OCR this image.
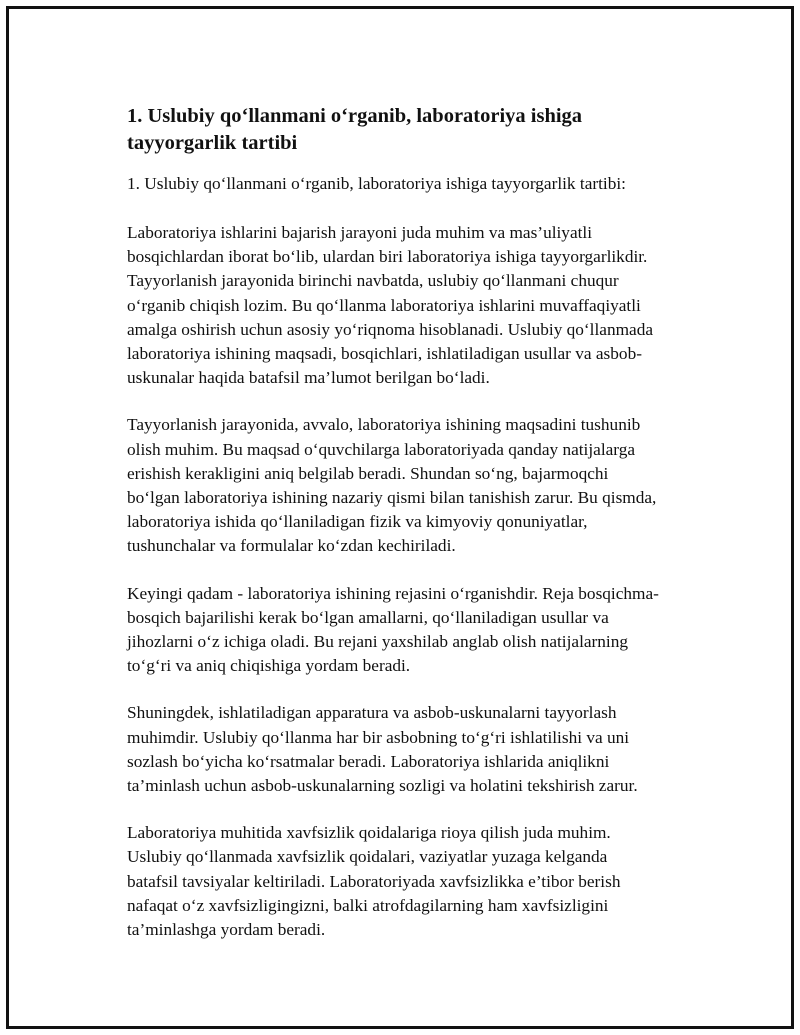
1. Uslubiy qo‘llanmani o‘rganib, laboratoriya ishiga
tayyorgarlik tartibi

1. Uslubiy qo‘llanmani o‘rganib, laboratoriya ishiga tayyorgarlik tartibi:

Laboratoriya ishlarini bajarish jarayoni juda muhim va mas’uliyatli
bosqichlardan iborat bo‘lib, ulardan biri laboratoriya ishiga tayyorgarlikdir.
Tayyorlanish jarayonida birinchi navbatda, uslubiy qo‘llanmani chuqur
o‘rganib chiqish lozim. Bu qo‘llanma laboratoriya ishlarini muvaffaqiyatli
amalga oshirish uchun asosiy yo‘riqnoma hisoblanadi. Uslubiy qo‘llanmada
laboratoriya ishining maqsadi, bosqichlari, ishlatiladigan usullar va asbob-
uskunalar haqida batafsil ma’lumot berilgan bo‘ladi.

Tayyorlanish jarayonida, avvalo, laboratoriya ishining maqsadini tushunib
olish muhim. Bu maqsad o‘quvchilarga laboratoriyada qanday natijalarga
erishish kerakligini aniq belgilab beradi. Shundan so‘ng, bajarmoqchi
bo‘lgan laboratoriya ishining nazariy qismi bilan tanishish zarur. Bu qismda,
laboratoriya ishida qo‘llaniladigan fizik va kimyoviy qonuniyatlar,
tushunchalar va formulalar ko‘zdan kechiriladi.

Keyingi qadam - laboratoriya ishining rejasini o‘rganishdir. Reja bosqichma-
bosqich bajarilishi kerak bo‘lgan amallarni, qo‘llaniladigan usullar va
jihozlarni o‘z ichiga oladi. Bu rejani yaxshilab anglab olish natijalarning
to‘g‘ri va aniq chiqishiga yordam beradi.

Shuningdek, ishlatiladigan apparatura va asbob-uskunalarni tayyorlash
muhimdir. Uslubiy qo‘llanma har bir asbobning to‘g‘ri ishlatilishi va uni
sozlash bo‘yicha ko‘rsatmalar beradi. Laboratoriya ishlarida aniqlikni
ta’minlash uchun asbob-uskunalarning sozligi va holatini tekshirish zarur.

Laboratoriya muhitida xavfsizlik qoidalariga rioya qilish juda muhim.
Uslubiy qo‘llanmada xavfsizlik qoidalari, vaziyatlar yuzaga kelganda
batafsil tavsiyalar keltiriladi. Laboratoriyada xavfsizlikka e’tibor berish
nafaqat o‘z xavfsizligingizni, balki atrofdagilarning ham xavfsizligini
ta’minlashga yordam beradi.
